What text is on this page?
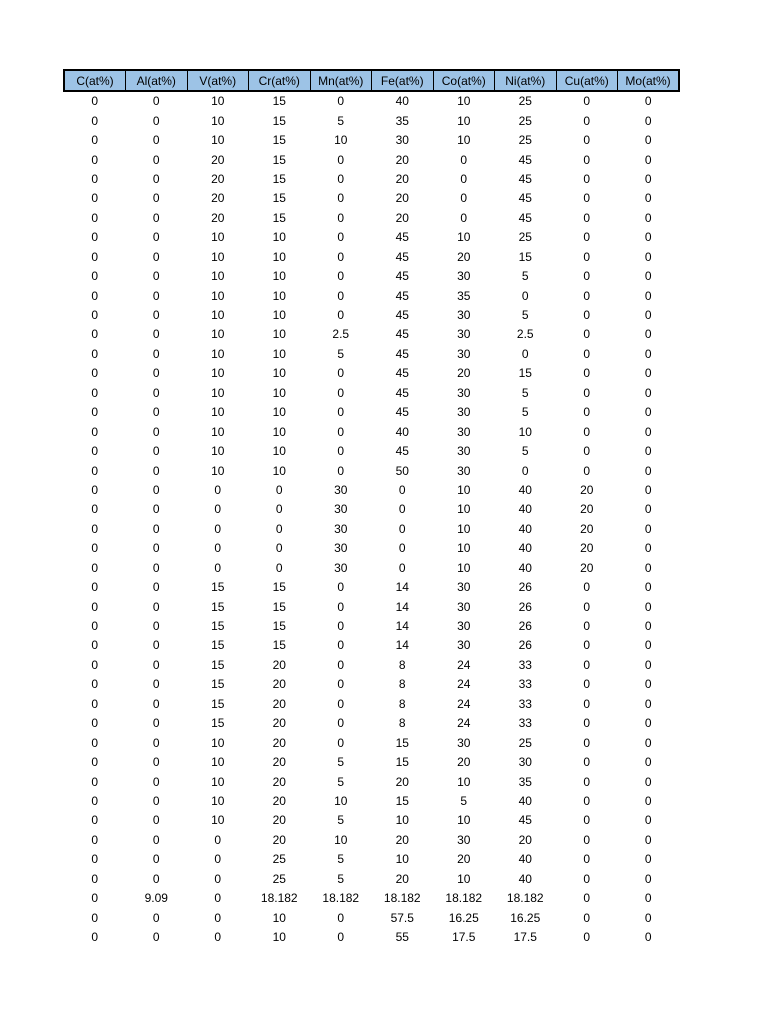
C(at%)	Al(at%)	V(at%)	Cr(at%)	Mn(at%)	Fe(at%)	Co(at%)	Ni(at%)	Cu(at%)	Mo(at%)
0	0	10	15	0	40	10	25	0	0
0	0	10	15	5	35	10	25	0	0
0	0	10	15	10	30	10	25	0	0
0	0	20	15	0	20	0	45	0	0
0	0	20	15	0	20	0	45	0	0
0	0	20	15	0	20	0	45	0	0
0	0	20	15	0	20	0	45	0	0
0	0	10	10	0	45	10	25	0	0
0	0	10	10	0	45	20	15	0	0
0	0	10	10	0	45	30	5	0	0
0	0	10	10	0	45	35	0	0	0
0	0	10	10	0	45	30	5	0	0
0	0	10	10	2.5	45	30	2.5	0	0
0	0	10	10	5	45	30	0	0	0
0	0	10	10	0	45	20	15	0	0
0	0	10	10	0	45	30	5	0	0
0	0	10	10	0	45	30	5	0	0
0	0	10	10	0	40	30	10	0	0
0	0	10	10	0	45	30	5	0	0
0	0	10	10	0	50	30	0	0	0
0	0	0	0	30	0	10	40	20	0
0	0	0	0	30	0	10	40	20	0
0	0	0	0	30	0	10	40	20	0
0	0	0	0	30	0	10	40	20	0
0	0	0	0	30	0	10	40	20	0
0	0	15	15	0	14	30	26	0	0
0	0	15	15	0	14	30	26	0	0
0	0	15	15	0	14	30	26	0	0
0	0	15	15	0	14	30	26	0	0
0	0	15	20	0	8	24	33	0	0
0	0	15	20	0	8	24	33	0	0
0	0	15	20	0	8	24	33	0	0
0	0	15	20	0	8	24	33	0	0
0	0	10	20	0	15	30	25	0	0
0	0	10	20	5	15	20	30	0	0
0	0	10	20	5	20	10	35	0	0
0	0	10	20	10	15	5	40	0	0
0	0	10	20	5	10	10	45	0	0
0	0	0	20	10	20	30	20	0	0
0	0	0	25	5	10	20	40	0	0
0	0	0	25	5	20	10	40	0	0
0	9.09	0	18.182	18.182	18.182	18.182	18.182	0	0
0	0	0	10	0	57.5	16.25	16.25	0	0
0	0	0	10	0	55	17.5	17.5	0	0
